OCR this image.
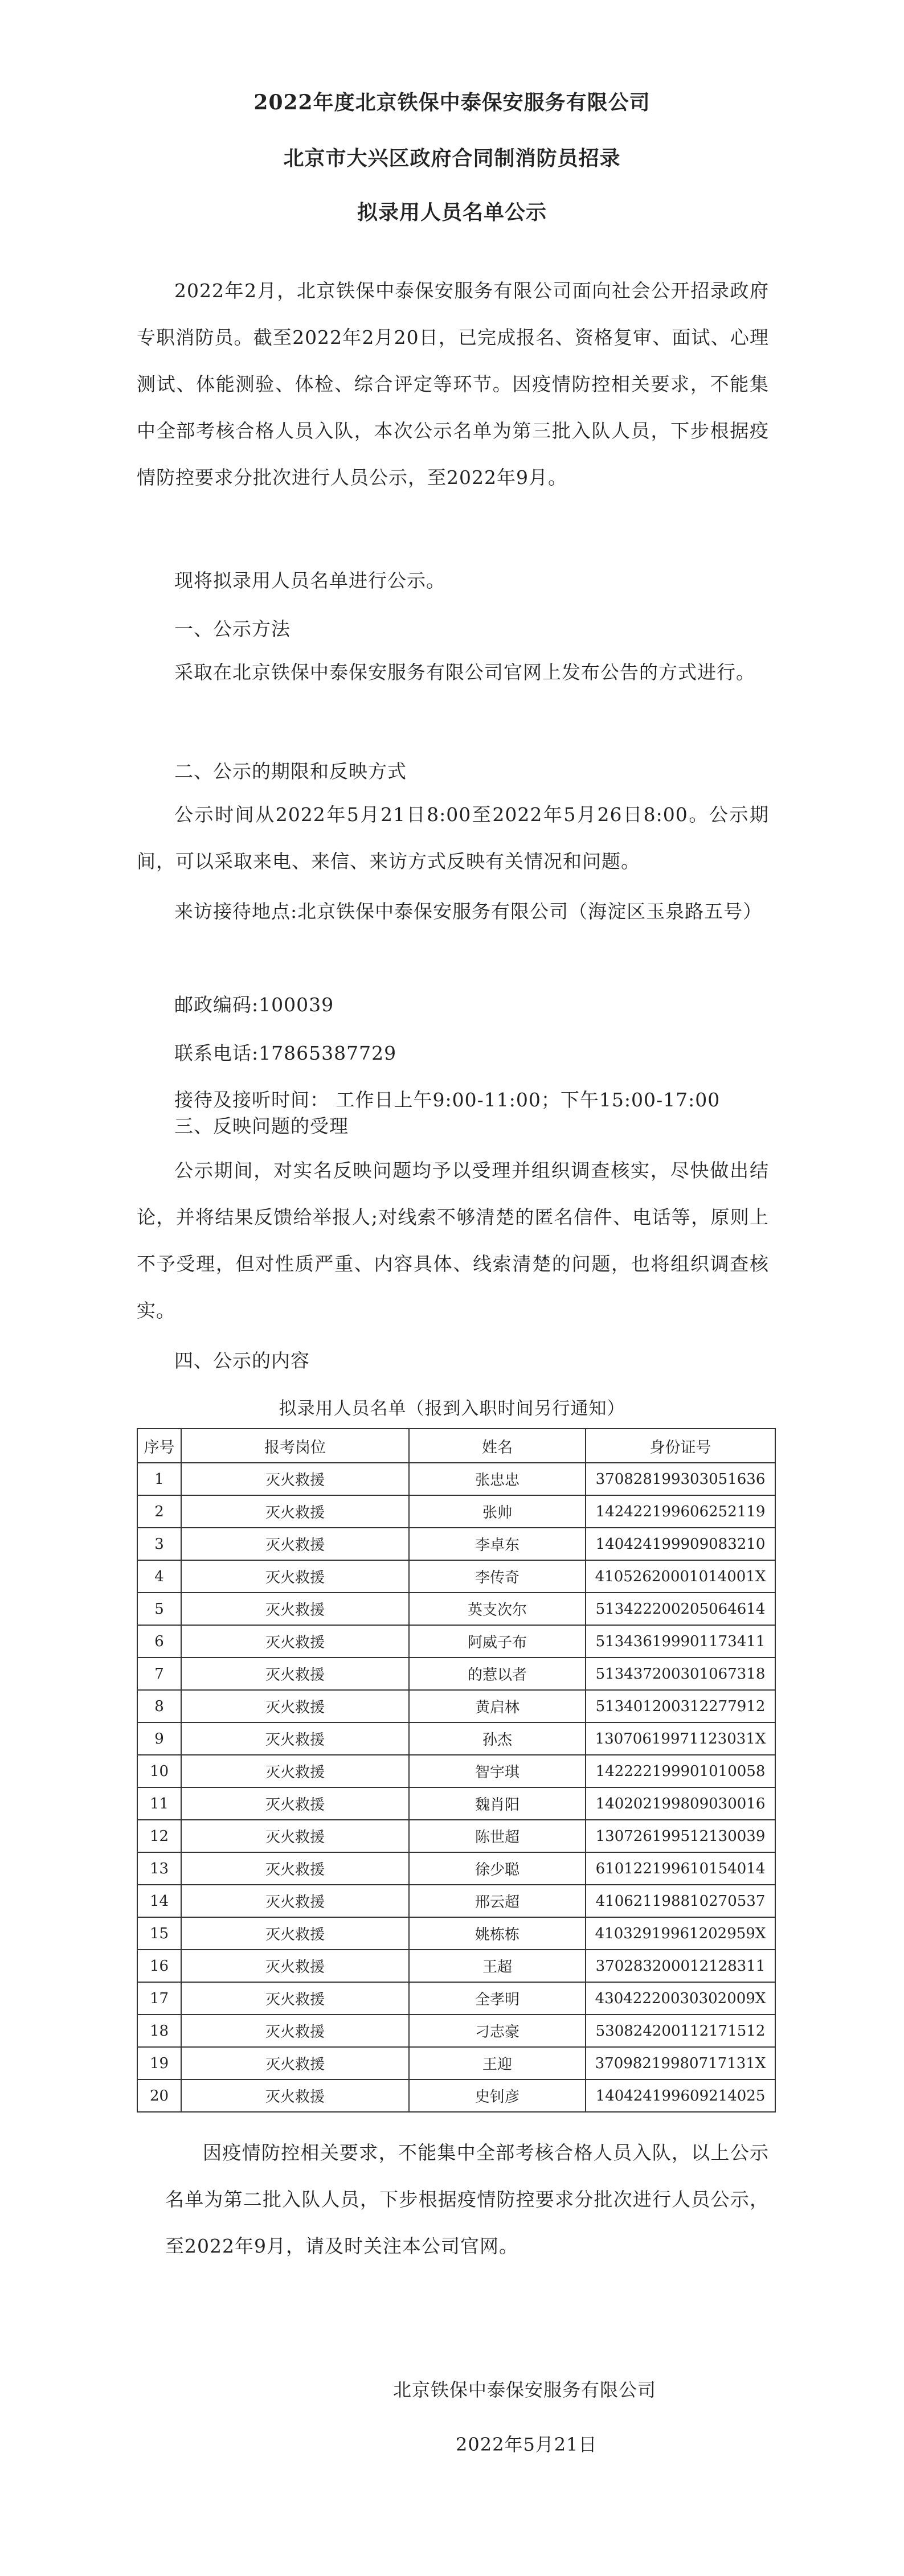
2022年度北京铁保中泰保安服务有限公司
北京市大兴区政府合同制消防员招录
拟录用人员名单公示

2022年2月，北京铁保中泰保安服务有限公司面向社会公开招录政府专职消防员。截至2022年2月20日，已完成报名、资格复审、面试、心理测试、体能测验、体检、综合评定等环节。因疫情防控相关要求，不能集中全部考核合格人员入队，本次公示名单为第三批入队人员，下步根据疫情防控要求分批次进行人员公示，至2022年9月。

现将拟录用人员名单进行公示。
一、公示方法

采取在北京铁保中泰保安服务有限公司官网上发布公告的方式进行。

二、公示的期限和反映方式

公示时间从2022年5月21日8:00至2022年5月26日8:00。公示期间，可以采取来电、来信、来访方式反映有关情况和问题。

来访接待地点:北京铁保中泰保安服务有限公司（海淀区玉泉路五号）

邮政编码:100039
联系电话:17865387729
接待及接听时间： 工作日上午9:00-11:00；下午15:00-17:00
三、反映问题的受理

公示期间，对实名反映问题均予以受理并组织调查核实，尽快做出结论，并将结果反馈给举报人;对线索不够清楚的匿名信件、电话等，原则上不予受理，但对性质严重、内容具体、线索清楚的问题，也将组织调查核实。

四、公示的内容
拟录用人员名单（报到入职时间另行通知）
序号	报考岗位	姓名	身份证号
1	灭火救援	张忠忠	370828199303051636
2	灭火救援	张帅	142422199606252119
3	灭火救援	李卓东	140424199909083210
4	灭火救援	李传奇	41052620001014001X
5	灭火救援	英支次尔	513422200205064614
6	灭火救援	阿威子布	513436199901173411
7	灭火救援	的惹以者	513437200301067318
8	灭火救援	黄启林	513401200312277912
9	灭火救援	孙杰	13070619971123031X
10	灭火救援	智宇琪	142222199901010058
11	灭火救援	魏肖阳	140202199809030016
12	灭火救援	陈世超	130726199512130039
13	灭火救援	徐少聪	610122199610154014
14	灭火救援	邢云超	410621198810270537
15	灭火救援	姚栋栋	41032919961202959X
16	灭火救援	王超	370283200012128311
17	灭火救援	全孝明	43042220030302009X
18	灭火救援	刁志豪	530824200112171512
19	灭火救援	王迎	37098219980717131X
20	灭火救援	史钊彦	140424199609214025

因疫情防控相关要求，不能集中全部考核合格人员入队，以上公示名单为第二批入队人员，下步根据疫情防控要求分批次进行人员公示，至2022年9月，请及时关注本公司官网。

北京铁保中泰保安服务有限公司
2022年5月21日
